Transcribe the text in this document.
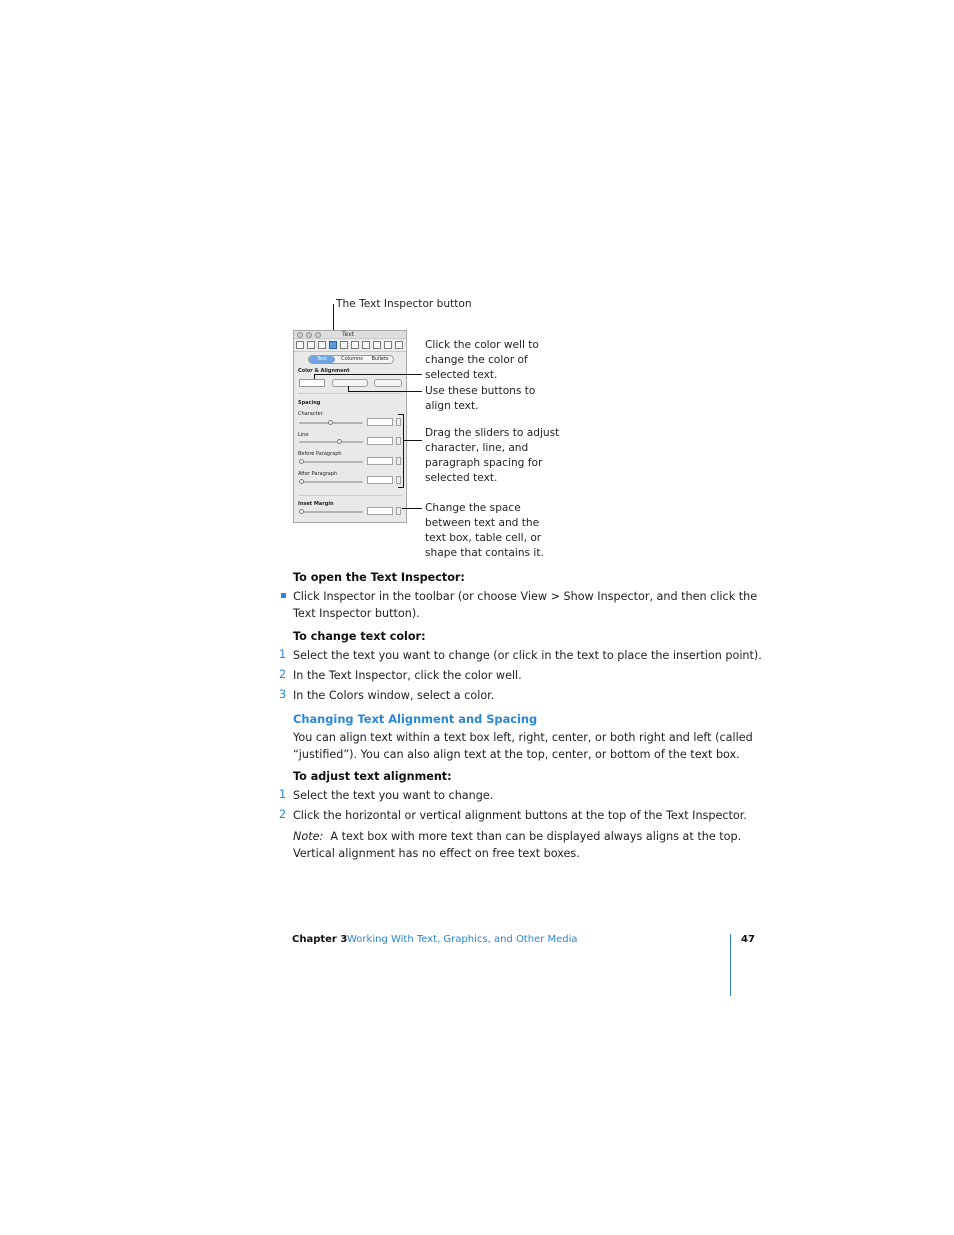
The Text Inspector button
Text
Text	Columns	Bullets
Color & Alignment
Spacing
Character
Line
Before Paragraph
After Paragraph
Inset Margin
Click the color well to
change the color of
selected text.
Use these buttons to
align text.
Drag the sliders to adjust
character, line, and
paragraph spacing for
selected text.
Change the space
between text and the
text box, table cell, or
shape that contains it.
To open the Text Inspector:
Click Inspector in the toolbar (or choose View > Show Inspector, and then click the
Text Inspector button).
To change text color:
1 Select the text you want to change (or click in the text to place the insertion point).
2 In the Text Inspector, click the color well.
3 In the Colors window, select a color.
Changing Text Alignment and Spacing
You can align text within a text box left, right, center, or both right and left (called
“justified”). You can also align text at the top, center, or bottom of the text box.
To adjust text alignment:
1 Select the text you want to change.
2 Click the horizontal or vertical alignment buttons at the top of the Text Inspector.
Note: A text box with more text than can be displayed always aligns at the top.
Vertical alignment has no effect on free text boxes.
Chapter 3 Working With Text, Graphics, and Other Media	47
